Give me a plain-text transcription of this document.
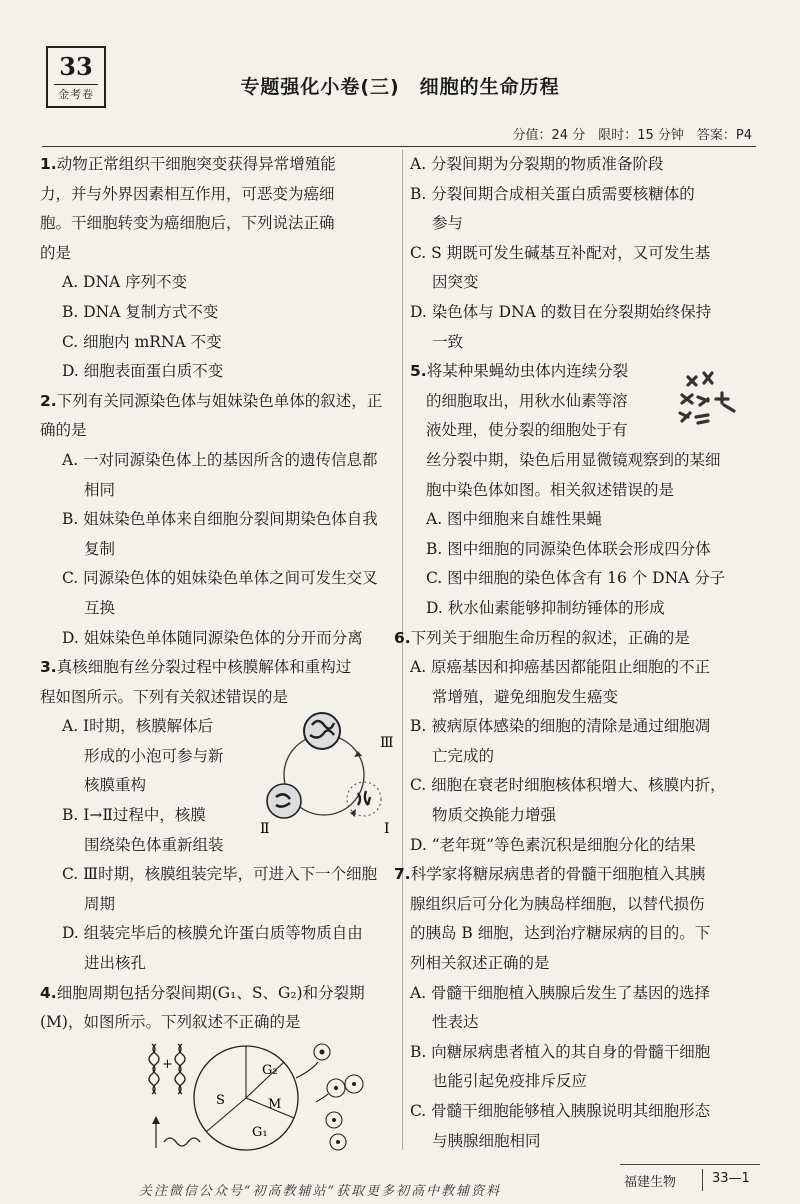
33
金考卷	专题强化小卷(三)　细胞的生命历程
分值：24 分　限时：15 分钟　答案：P4
1.动物正常组织干细胞突变获得异常增殖能
力，并与外界因素相互作用，可恶变为癌细
胞。干细胞转变为癌细胞后，下列说法正确
的是
A. DNA 序列不变
B. DNA 复制方式不变
C. 细胞内 mRNA 不变
D. 细胞表面蛋白质不变
2.下列有关同源染色体与姐妹染色单体的叙述，正
确的是
A. 一对同源染色体上的基因所含的遗传信息都
相同
B. 姐妹染色单体来自细胞分裂间期染色体自我
复制
C. 同源染色体的姐妹染色单体之间可发生交叉
互换
D. 姐妹染色单体随同源染色体的分开而分离
3.真核细胞有丝分裂过程中核膜解体和重构过
程如图所示。下列有关叙述错误的是
A. Ⅰ时期，核膜解体后
形成的小泡可参与新
核膜重构
B. Ⅰ→Ⅱ过程中，核膜
围绕染色体重新组装
C. Ⅲ时期，核膜组装完毕，可进入下一个细胞
周期
D. 组装完毕后的核膜允许蛋白质等物质自由
进出核孔
Ⅲ
Ⅱ	Ⅰ
4.细胞周期包括分裂间期(G₁、S、G₂)和分裂期
(M)，如图所示。下列叙述不正确的是
+	G₂
S	M
G₁
A. 分裂间期为分裂期的物质准备阶段
B. 分裂间期合成相关蛋白质需要核糖体的
参与
C. S 期既可发生碱基互补配对，又可发生基
因突变
D. 染色体与 DNA 的数目在分裂期始终保持
一致
5.将某种果蝇幼虫体内连续分裂
的细胞取出，用秋水仙素等溶
液处理，使分裂的细胞处于有
丝分裂中期，染色后用显微镜观察到的某细
胞中染色体如图。相关叙述错误的是
A. 图中细胞来自雄性果蝇
B. 图中细胞的同源染色体联会形成四分体
C. 图中细胞的染色体含有 16 个 DNA 分子
D. 秋水仙素能够抑制纺锤体的形成
6.下列关于细胞生命历程的叙述，正确的是
A. 原癌基因和抑癌基因都能阻止细胞的不正
常增殖，避免细胞发生癌变
B. 被病原体感染的细胞的清除是通过细胞凋
亡完成的
C. 细胞在衰老时细胞核体积增大、核膜内折，
物质交换能力增强
D. “老年斑”等色素沉积是细胞分化的结果
7.科学家将糖尿病患者的骨髓干细胞植入其胰
腺组织后可分化为胰岛样细胞，以替代损伤
的胰岛 B 细胞，达到治疗糖尿病的目的。下
列相关叙述正确的是
A. 骨髓干细胞植入胰腺后发生了基因的选择
性表达
B. 向糖尿病患者植入的其自身的骨髓干细胞
也能引起免疫排斥反应
C. 骨髓干细胞能够植入胰腺说明其细胞形态
与胰腺细胞相同
福建生物	33—1
关注微信公众号“初高教辅站”获取更多初高中教辅资料
